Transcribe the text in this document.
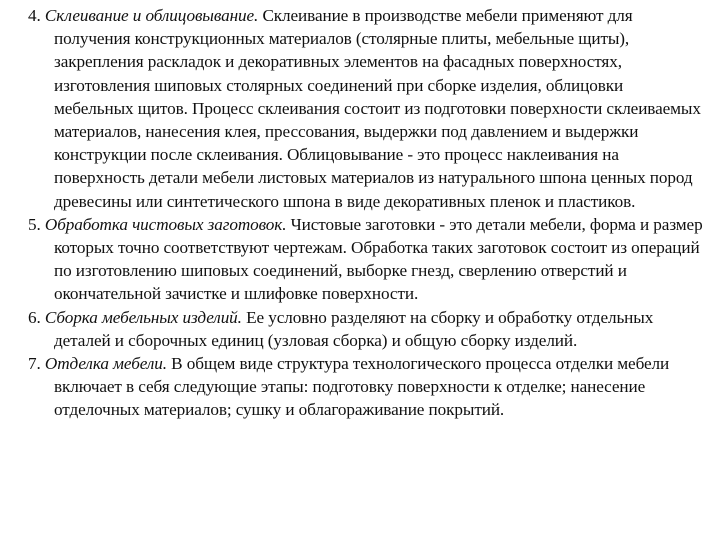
4. Склеивание и облицовывание. Склеивание в производстве мебели применяют для получения конструкционных материалов (столярные плиты, мебельные щиты), закрепления раскладок и декоративных элементов на фасадных поверхностях, изготовления шиповых столярных соединений при сборке изделия, облицовки мебельных щитов. Процесс склеивания состоит из подготовки поверхности склеиваемых материалов, нанесения клея, прессования, выдержки под давлением и выдержки конструкции после склеивания. Облицовывание - это процесс наклеивания на поверхность детали мебели листовых материалов из натурального шпона ценных пород древесины или синтетического шпона в виде декоративных пленок и пластиков.

5. Обработка чистовых заготовок. Чистовые заготовки - это детали мебели, форма и размер которых точно соответствуют чертежам. Обработка таких заготовок состоит из операций по изготовлению шиповых соединений, выборке гнезд, сверлению отверстий и окончательной зачистке и шлифовке поверхности.

6. Сборка мебельных изделий. Ее условно разделяют на сборку и обработку отдельных деталей и сборочных единиц (узловая сборка) и общую сборку изделий.

7. Отделка мебели. В общем виде структура технологического процесса отделки мебели включает в себя следующие этапы: подготовку поверхности к отделке; нанесение отделочных материалов; сушку и облагораживание покрытий.
